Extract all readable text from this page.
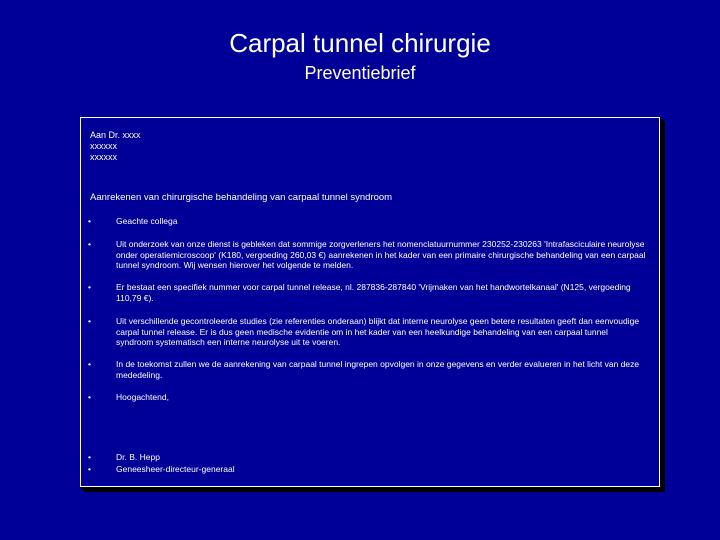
Carpal tunnel chirurgie
Preventiebrief
Aan Dr. xxxx
xxxxxx
xxxxxx
Aanrekenen van chirurgische behandeling van carpaal tunnel syndroom
•	Geachte collega
•	Uit onderzoek van onze dienst is gebleken dat sommige zorgverleners het nomenclatuurnummer 230252-230263 'Intrafasciculaire neurolyse onder operatiemicroscoop' (K180, vergoeding 260,03 €) aanrekenen in het kader van een primaire chirurgische behandeling van een carpaal tunnel syndroom. Wij wensen hierover het volgende te melden.
•	Er bestaat een specifiek nummer voor carpal tunnel release, nl. 287836-287840 'Vrijmaken van het handwortelkanaal' (N125, vergoeding 110,79 €).
•	Uit verschillende gecontroleerde studies (zie referenties onderaan) blijkt dat interne neurolyse geen betere resultaten geeft dan eenvoudige carpal tunnel release. Er is dus geen medische evidentie om in het kader van een heelkundige behandeling van een carpaal tunnel syndroom systematisch een interne neurolyse uit te voeren.
•	In de toekomst zullen we de aanrekening van carpaal tunnel ingrepen opvolgen in onze gegevens en verder evalueren in het licht van deze mededeling.
•	Hoogachtend,
•	Dr. B. Hepp
•	Geneesheer-directeur-generaal
